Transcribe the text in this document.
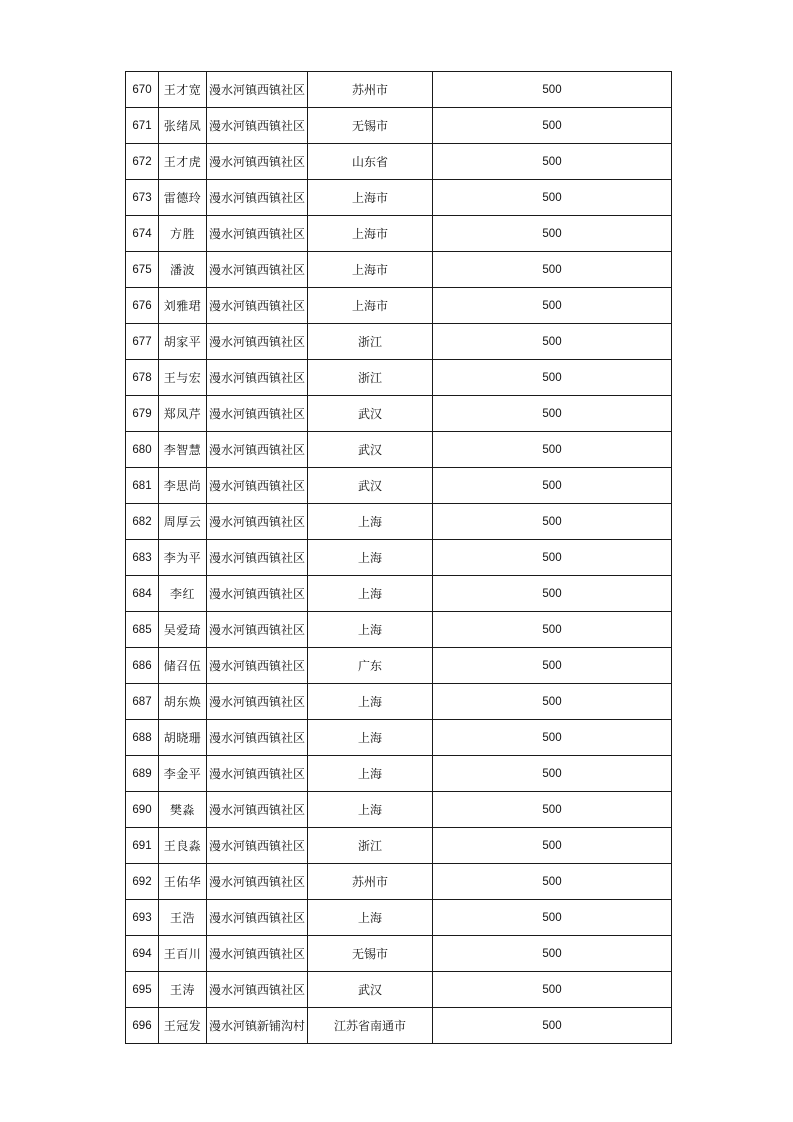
670	王才宽	漫水河镇西镇社区	苏州市	500
671	张绪凤	漫水河镇西镇社区	无锡市	500
672	王才虎	漫水河镇西镇社区	山东省	500
673	雷德玲	漫水河镇西镇社区	上海市	500
674	方胜	漫水河镇西镇社区	上海市	500
675	潘波	漫水河镇西镇社区	上海市	500
676	刘雅珺	漫水河镇西镇社区	上海市	500
677	胡家平	漫水河镇西镇社区	浙江	500
678	王与宏	漫水河镇西镇社区	浙江	500
679	郑凤芹	漫水河镇西镇社区	武汉	500
680	李智慧	漫水河镇西镇社区	武汉	500
681	李思尚	漫水河镇西镇社区	武汉	500
682	周厚云	漫水河镇西镇社区	上海	500
683	李为平	漫水河镇西镇社区	上海	500
684	李红	漫水河镇西镇社区	上海	500
685	吴爱琦	漫水河镇西镇社区	上海	500
686	储召伍	漫水河镇西镇社区	广东	500
687	胡东焕	漫水河镇西镇社区	上海	500
688	胡晓珊	漫水河镇西镇社区	上海	500
689	李金平	漫水河镇西镇社区	上海	500
690	樊淼	漫水河镇西镇社区	上海	500
691	王良淼	漫水河镇西镇社区	浙江	500
692	王佑华	漫水河镇西镇社区	苏州市	500
693	王浩	漫水河镇西镇社区	上海	500
694	王百川	漫水河镇西镇社区	无锡市	500
695	王涛	漫水河镇西镇社区	武汉	500
696	王冠发	漫水河镇新铺沟村	江苏省南通市	500
